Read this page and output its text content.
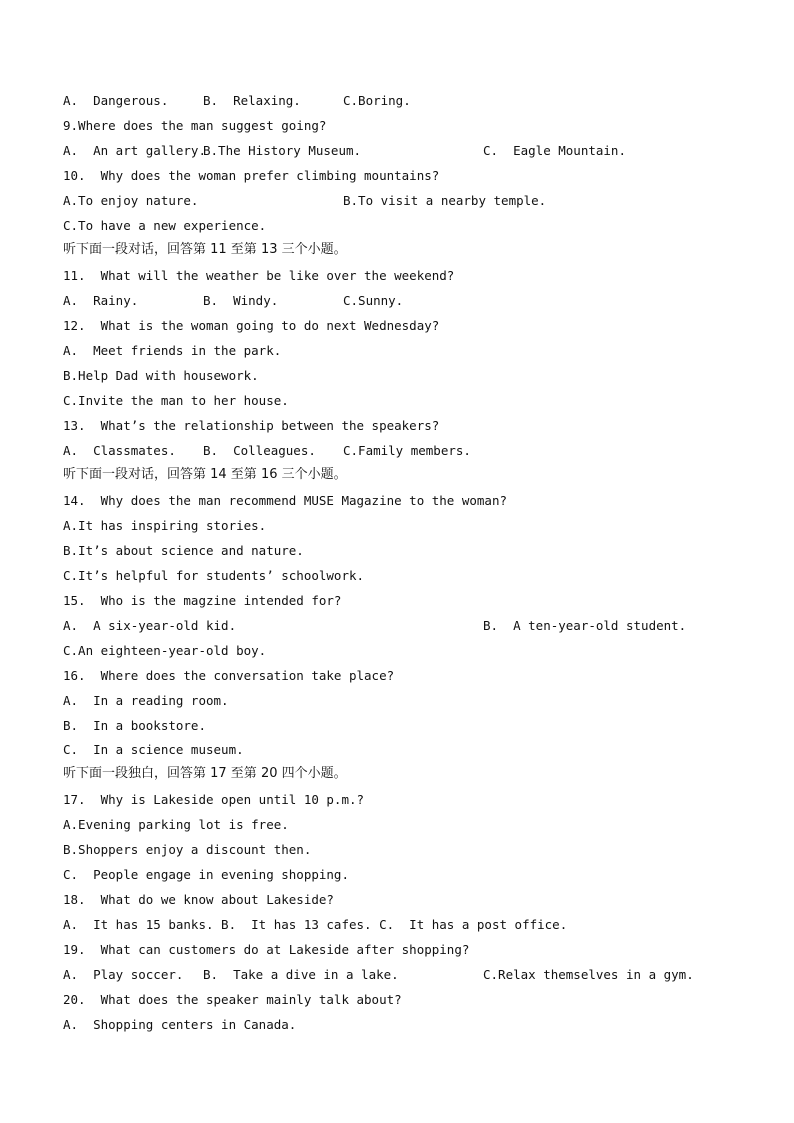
A.  Dangerous.	B.  Relaxing.	C.Boring.
9.Where does the man suggest going?
A.  An art gallery.
B.The History Museum.	C.  Eagle Mountain.
10.  Why does the woman prefer climbing mountains?
A.To enjoy nature.	B.To visit a nearby temple.
C.To have a new experience.
听下面一段对话，回答第 11 至第 13 三个小题。
11.  What will the weather be like over the weekend?
A.  Rainy.	B.  Windy.	C.Sunny.
12.  What is the woman going to do next Wednesday?
A.  Meet friends in the park.
B.Help Dad with housework.
C.Invite the man to her house.
13.  What’s the relationship between the speakers?
A.  Classmates. B.  Colleagues. C.Family members.
听下面一段对话，回答第 14 至第 16 三个小题。
14.  Why does the man recommend MUSE Magazine to the woman?
A.It has inspiring stories.
B.It’s about science and nature.
C.It’s helpful for students’ schoolwork.
15.  Who is the magzine intended for?
A.  A six-year-old kid.	B.  A ten-year-old student.
C.An eighteen-year-old boy.
16.  Where does the conversation take place?
A.  In a reading room.
B.  In a bookstore.
C.  In a science museum.
听下面一段独白，回答第 17 至第 20 四个小题。
17.  Why is Lakeside open until 10 p.m.?
A.Evening parking lot is free.
B.Shoppers enjoy a discount then.
C.  People engage in evening shopping.
18.  What do we know about Lakeside?
A.  It has 15 banks. B.  It has 13 cafes. C.  It has a post office.
19.  What can customers do at Lakeside after shopping?
A.  Play soccer. B.  Take a dive in a lake.	C.Relax themselves in a gym.
20.  What does the speaker mainly talk about?
A.  Shopping centers in Canada.
